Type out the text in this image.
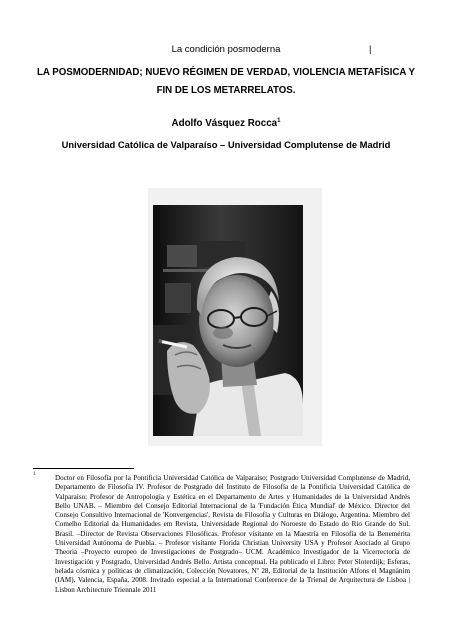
La condición posmoderna	|
LA POSMODERNIDAD; NUEVO RÉGIMEN DE VERDAD, VIOLENCIA METAFÍSICA Y
FIN DE LOS METARRELATOS.
Adolfo Vásquez Rocca$^1$
Universidad Católica de Valparaíso – Universidad Complutense de Madrid
1	Doctor en Filosofía por la Pontificia Universidad Católica de Valparaíso; Postgrado Universidad Complutense de Madrid, Departamento de Filosofía IV. Profesor de Postgrado del Instituto de Filosofía de la Pontificia Universidad Católica de Valparaíso; Profesor de Antropología y Estética en el Departamento de Artes y Humanidades de la Universidad Andrés Bello UNAB. – Miembro del Consejo Editorial Internacional de la 'Fundación Ética Mundial' de México. Director del Consejo Consultivo Internacional de 'Konvergencias', Revista de Filosofía y Culturas en Diálogo, Argentina. Miembro del Comelho Editorial da Humanidades em Revista, Universidade Regional do Noroeste do Estado do Rio Grande do Sul. Brasil. –Director de Revista Observaciones Filosóficas. Profesor visitante en la Maestría en Filosofía de la Benemérita Universidad Autónoma de Puebla. – Profesor visitante Florida Christian University USA y Profesor Asociado al Grupo Theoria –Proyecto europeo de Investigaciones de Postgrado– UCM. Académico Investigador de la Vicerrectoría de Investigación y Postgrado, Universidad Andrés Bello. Artista conceptual. Ha publicado el Libro: Peter Sloterdijk; Esferas, helada cósmica y políticas de climatización, Colección Novatores, Nº 28, Editorial de la Institución Alfons el Magnànim (IAM), Valencia, España, 2008. Invitado especial a la International Conference de la Trienal de Arquitectura de Lisboa | Lisbon Architecture Triennale 2011
